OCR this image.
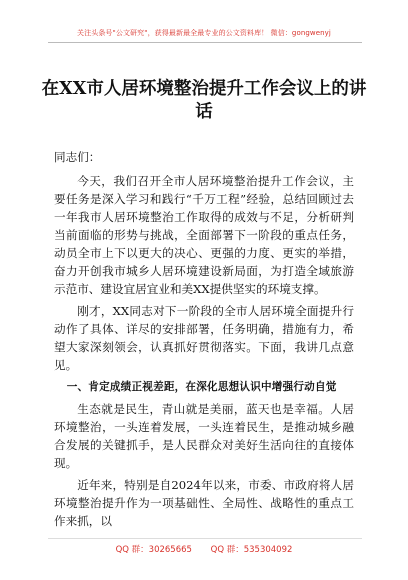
关注头条号"公文研究"，获得最新最全最专业的公文资料库！ 微信：gongwenyj
在XX市人居环境整治提升工作会议上的讲话

同志们：

今天，我们召开全市人居环境整治提升工作会议，主要任务是深入学习和践行“千万工程”经验，总结回顾过去一年我市人居环境整治工作取得的成效与不足，分析研判当前面临的形势与挑战，全面部署下一阶段的重点任务，动员全市上下以更大的决心、更强的力度、更实的举措，奋力开创我市城乡人居环境建设新局面，为打造全域旅游示范市、建设宜居宜业和美XX提供坚实的环境支撑。

刚才，XX同志对下一阶段的全市人居环境全面提升行动作了具体、详尽的安排部署，任务明确，措施有力，希望大家深刻领会，认真抓好贯彻落实。下面，我讲几点意见。

一、肯定成绩正视差距，在深化思想认识中增强行动自觉

生态就是民生，青山就是美丽，蓝天也是幸福。人居环境整治，一头连着发展，一头连着民生，是推动城乡融合发展的关键抓手，是人民群众对美好生活向往的直接体现。

近年来，特别是自2024年以来，市委、市政府将人居环境整治提升作为一项基础性、全局性、战略性的重点工作来抓，以

QQ 群：30265665 QQ 群：535304092
